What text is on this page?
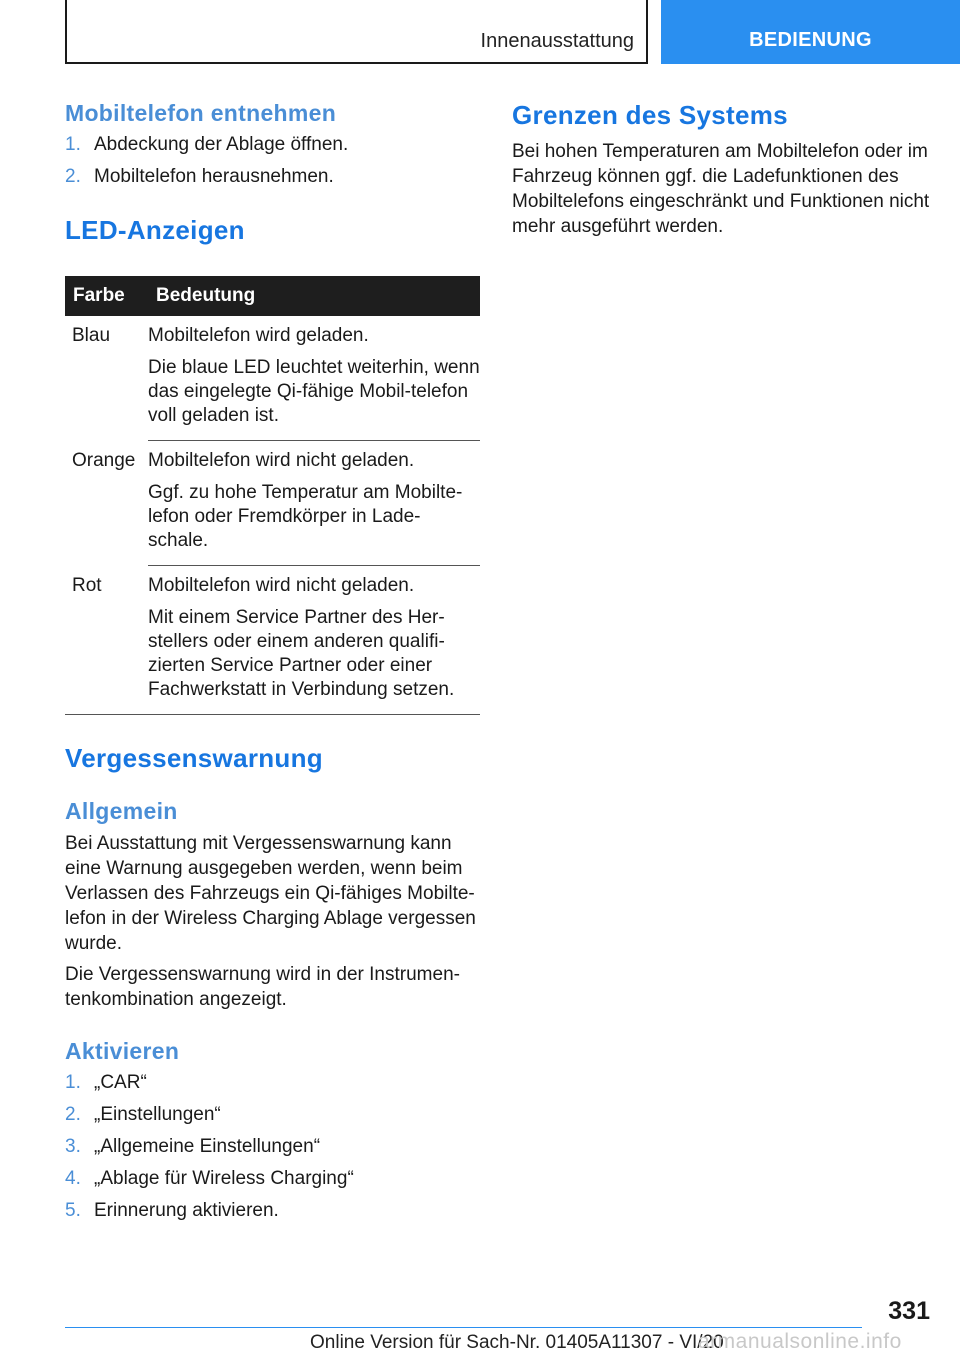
Innenausstattung	BEDIENUNG
Mobiltelefon entnehmen
1. Abdeckung der Ablage öffnen.
2. Mobiltelefon herausnehmen.
LED-Anzeigen
Farbe	Bedeutung
Blau	Mobiltelefon wird geladen.

Die blaue LED leuchtet weiterhin, wenn das eingelegte Qi-fähige Mobil-telefon voll geladen ist.

Orange	Mobiltelefon wird nicht geladen.

Ggf. zu hohe Temperatur am Mobilte-lefon oder Fremdkörper in Lade-schale.

Rot	Mobiltelefon wird nicht geladen.

Mit einem Service Partner des Her-stellers oder einem anderen qualifi-zierten Service Partner oder einer Fachwerkstatt in Verbindung setzen.

Vergessenswarnung
Allgemein

Bei Ausstattung mit Vergessenswarnung kann eine Warnung ausgegeben werden, wenn beim Verlassen des Fahrzeugs ein Qi-fähiges Mobilte-lefon in der Wireless Charging Ablage vergessen wurde.

Die Vergessenswarnung wird in der Instrumen-tenkombination angezeigt.

Aktivieren
1. „CAR“
2. „Einstellungen“
3. „Allgemeine Einstellungen“
4. „Ablage für Wireless Charging“
5. Erinnerung aktivieren.
Grenzen des Systems

Bei hohen Temperaturen am Mobiltelefon oder im Fahrzeug können ggf. die Ladefunktionen des Mobiltelefons eingeschränkt und Funktionen nicht mehr ausgeführt werden.

331
Online Version für Sach-Nr. 01405A11307 - VI/20
armanualsonline.info
